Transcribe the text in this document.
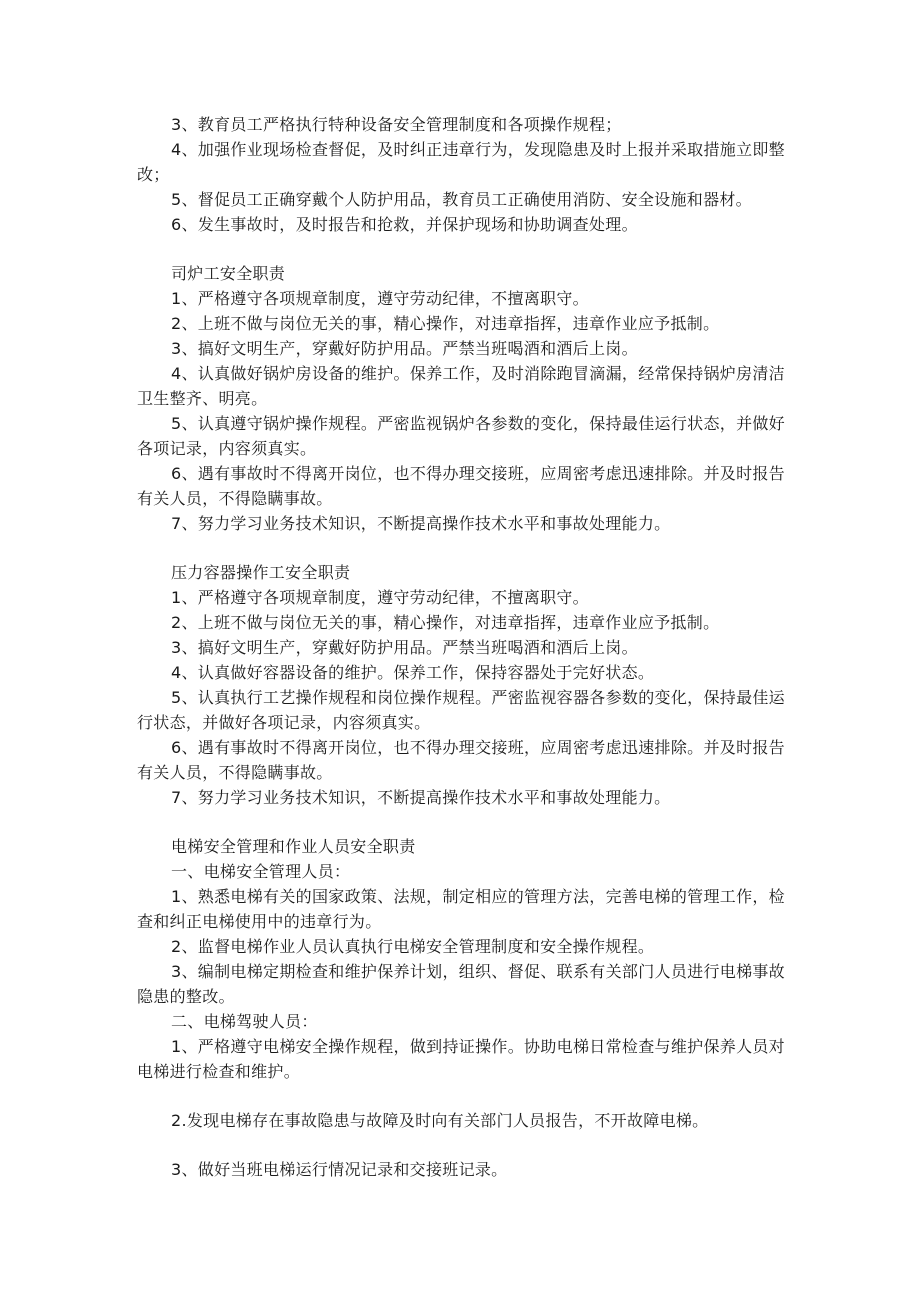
3、教育员工严格执行特种设备安全管理制度和各项操作规程；

4、加强作业现场检查督促，及时纠正违章行为，发现隐患及时上报并采取措施立即整改；

5、督促员工正确穿戴个人防护用品，教育员工正确使用消防、安全设施和器材。

6、发生事故时，及时报告和抢救，并保护现场和协助调查处理。

司炉工安全职责

1、严格遵守各项规章制度，遵守劳动纪律，不擅离职守。

2、上班不做与岗位无关的事，精心操作，对违章指挥，违章作业应予抵制。

3、搞好文明生产，穿戴好防护用品。严禁当班喝酒和酒后上岗。

4、认真做好锅炉房设备的维护。保养工作，及时消除跑冒滴漏，经常保持锅炉房清洁卫生整齐、明亮。

5、认真遵守锅炉操作规程。严密监视锅炉各参数的变化，保持最佳运行状态，并做好各项记录，内容须真实。

6、遇有事故时不得离开岗位，也不得办理交接班，应周密考虑迅速排除。并及时报告有关人员，不得隐瞒事故。

7、努力学习业务技术知识，不断提高操作技术水平和事故处理能力。

压力容器操作工安全职责

1、严格遵守各项规章制度，遵守劳动纪律，不擅离职守。

2、上班不做与岗位无关的事，精心操作，对违章指挥，违章作业应予抵制。

3、搞好文明生产，穿戴好防护用品。严禁当班喝酒和酒后上岗。

4、认真做好容器设备的维护。保养工作，保持容器处于完好状态。

5、认真执行工艺操作规程和岗位操作规程。严密监视容器各参数的变化，保持最佳运行状态，并做好各项记录，内容须真实。

6、遇有事故时不得离开岗位，也不得办理交接班，应周密考虑迅速排除。并及时报告有关人员，不得隐瞒事故。

7、努力学习业务技术知识，不断提高操作技术水平和事故处理能力。

电梯安全管理和作业人员安全职责

一、电梯安全管理人员：

1、熟悉电梯有关的国家政策、法规，制定相应的管理方法，完善电梯的管理工作，检查和纠正电梯使用中的违章行为。

2、监督电梯作业人员认真执行电梯安全管理制度和安全操作规程。

3、编制电梯定期检查和维护保养计划，组织、督促、联系有关部门人员进行电梯事故隐患的整改。

二、电梯驾驶人员：

1、严格遵守电梯安全操作规程，做到持证操作。协助电梯日常检查与维护保养人员对电梯进行检查和维护。

2.发现电梯存在事故隐患与故障及时向有关部门人员报告，不开故障电梯。

3、做好当班电梯运行情况记录和交接班记录。
